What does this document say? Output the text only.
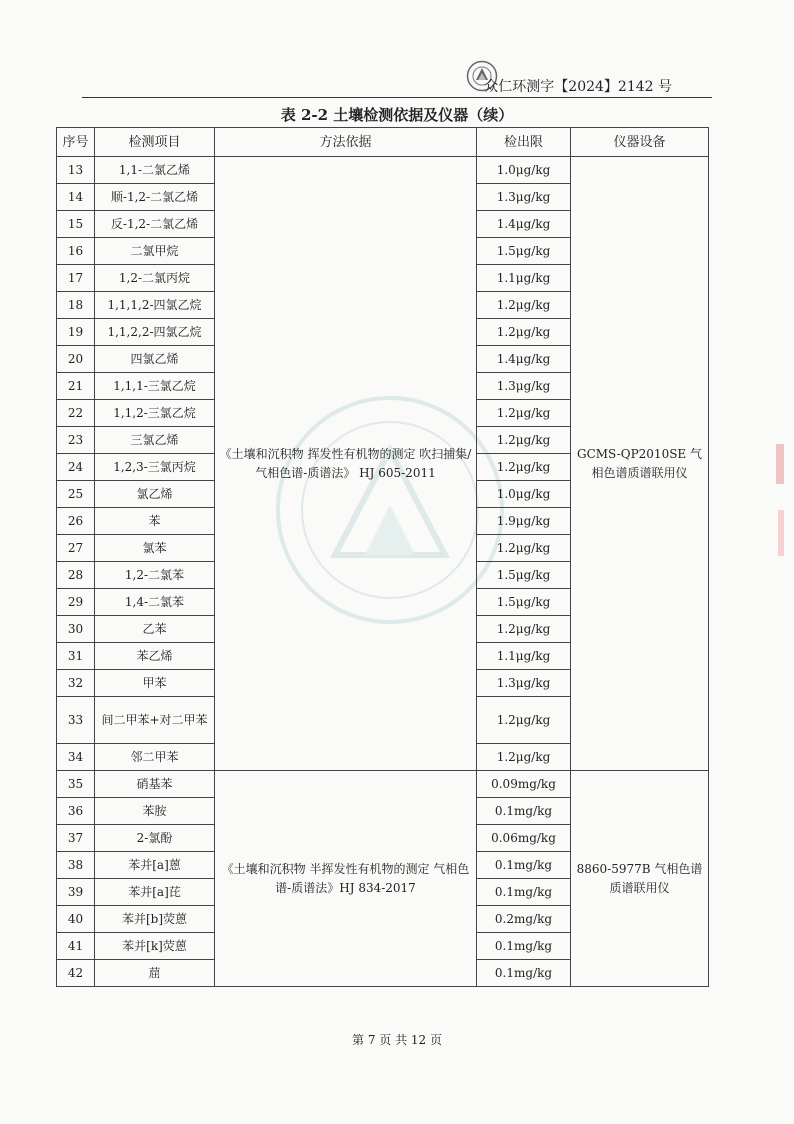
众仁环测字【2024】2142 号
表 2-2 土壤检测依据及仪器（续）
序号	检测项目	方法依据	检出限	仪器设备
13	1,1-二氯乙烯	《土壤和沉积物 挥发性有机物的测定 吹扫捕集/气相色谱-质谱法》 HJ 605-2011	1.0μg/kg	GCMS-QP2010SE 气相色谱质谱联用仪
14	顺-1,2-二氯乙烯		1.3μg/kg	
15	反-1,2-二氯乙烯		1.4μg/kg	
16	二氯甲烷		1.5μg/kg	
17	1,2-二氯丙烷		1.1μg/kg	
18	1,1,1,2-四氯乙烷		1.2μg/kg	
19	1,1,2,2-四氯乙烷		1.2μg/kg	
20	四氯乙烯		1.4μg/kg	
21	1,1,1-三氯乙烷		1.3μg/kg	
22	1,1,2-三氯乙烷		1.2μg/kg	
23	三氯乙烯		1.2μg/kg	
24	1,2,3-三氯丙烷		1.2μg/kg	
25	氯乙烯		1.0μg/kg	
26	苯		1.9μg/kg	
27	氯苯		1.2μg/kg	
28	1,2-二氯苯		1.5μg/kg	
29	1,4-二氯苯		1.5μg/kg	
30	乙苯		1.2μg/kg	
31	苯乙烯		1.1μg/kg	
32	甲苯		1.3μg/kg	
33	间二甲苯+对二甲苯		1.2μg/kg	
34	邻二甲苯		1.2μg/kg	
35	硝基苯	《土壤和沉积物 半挥发性有机物的测定 气相色谱-质谱法》HJ 834-2017	0.09mg/kg	8860-5977B 气相色谱质谱联用仪
36	苯胺		0.1mg/kg	
37	2-氯酚		0.06mg/kg	
38	苯并[a]蒽		0.1mg/kg	
39	苯并[a]芘		0.1mg/kg	
40	苯并[b]荧蒽		0.2mg/kg	
41	苯并[k]荧蒽		0.1mg/kg	
42	䓛		0.1mg/kg	
第 7 页 共 12 页
